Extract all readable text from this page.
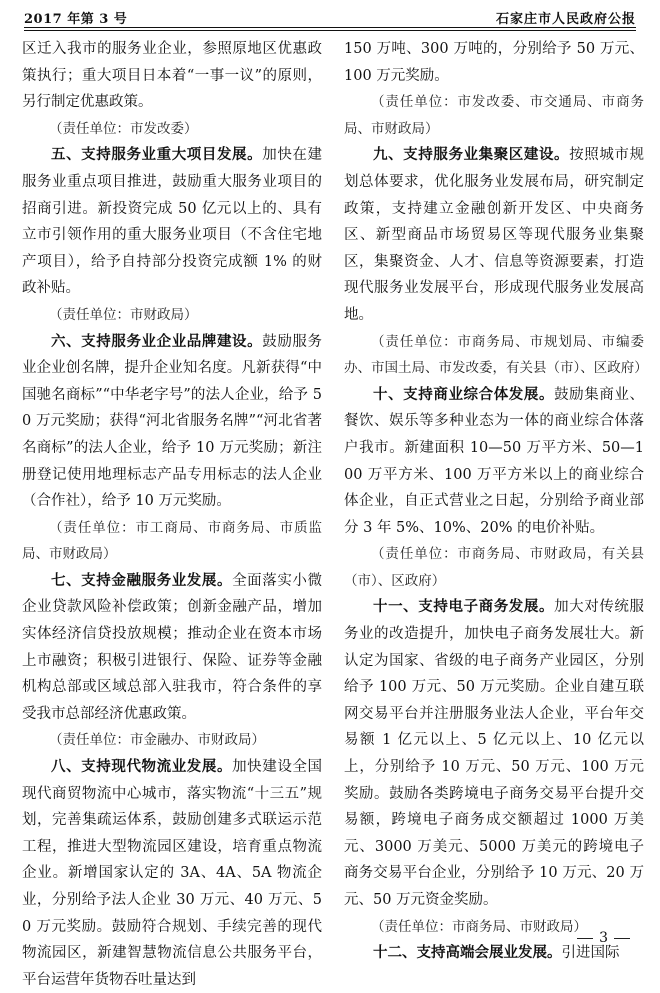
2017 年第 3 号	石家庄市人民政府公报

区迁入我市的服务业企业，参照原地区优惠政策执行；重大项目日本着“一事一议”的原则，另行制定优惠政策。

（责任单位：市发改委）

五、支持服务业重大项目发展。加快在建服务业重点项目推进，鼓励重大服务业项目的招商引进。新投资完成 50 亿元以上的、具有立市引领作用的重大服务业项目（不含住宅地产项目），给予自持部分投资完成额 1% 的财政补贴。

（责任单位：市财政局）

六、支持服务业企业品牌建设。鼓励服务业企业创名牌，提升企业知名度。凡新获得“中国驰名商标”“中华老字号”的法人企业，给予 50 万元奖励；获得“河北省服务名牌”“河北省著名商标”的法人企业，给予 10 万元奖励；新注册登记使用地理标志产品专用标志的法人企业（合作社），给予 10 万元奖励。

（责任单位：市工商局、市商务局、市质监局、市财政局）

七、支持金融服务业发展。全面落实小微企业贷款风险补偿政策；创新金融产品，增加实体经济信贷投放规模；推动企业在资本市场上市融资；积极引进银行、保险、证券等金融机构总部或区域总部入驻我市，符合条件的享受我市总部经济优惠政策。

（责任单位：市金融办、市财政局）

八、支持现代物流业发展。加快建设全国现代商贸物流中心城市，落实物流“十三五”规划，完善集疏运体系，鼓励创建多式联运示范工程，推进大型物流园区建设，培育重点物流企业。新增国家认定的 3A、4A、5A 物流企业，分别给予法人企业 30 万元、40 万元、50 万元奖励。鼓励符合规划、手续完善的现代物流园区，新建智慧物流信息公共服务平台，平台运营年货物吞吐量达到

150 万吨、300 万吨的，分别给予 50 万元、100 万元奖励。

（责任单位：市发改委、市交通局、市商务局、市财政局）

九、支持服务业集聚区建设。按照城市规划总体要求，优化服务业发展布局，研究制定政策，支持建立金融创新开发区、中央商务区、新型商品市场贸易区等现代服务业集聚区，集聚资金、人才、信息等资源要素，打造现代服务业发展平台，形成现代服务业发展高地。

（责任单位：市商务局、市规划局、市编委办、市国土局、市发改委，有关县（市）、区政府）

十、支持商业综合体发展。鼓励集商业、餐饮、娱乐等多种业态为一体的商业综合体落户我市。新建面积 10—50 万平方米、50—100 万平方米、100 万平方米以上的商业综合体企业，自正式营业之日起，分别给予商业部分 3 年 5%、10%、20% 的电价补贴。

（责任单位：市商务局、市财政局，有关县（市）、区政府）

十一、支持电子商务发展。加大对传统服务业的改造提升，加快电子商务发展壮大。新认定为国家、省级的电子商务产业园区，分别给予 100 万元、50 万元奖励。企业自建互联网交易平台并注册服务业法人企业，平台年交易额 1 亿元以上、5 亿元以上、10 亿元以上，分别给予 10 万元、50 万元、100 万元奖励。鼓励各类跨境电子商务交易平台提升交易额，跨境电子商务成交额超过 1000 万美元、3000 万美元、5000 万美元的跨境电子商务交易平台企业，分别给予 10 万元、20 万元、50 万元资金奖励。

（责任单位：市商务局、市财政局）

十二、支持高端会展业发展。引进国际

3
